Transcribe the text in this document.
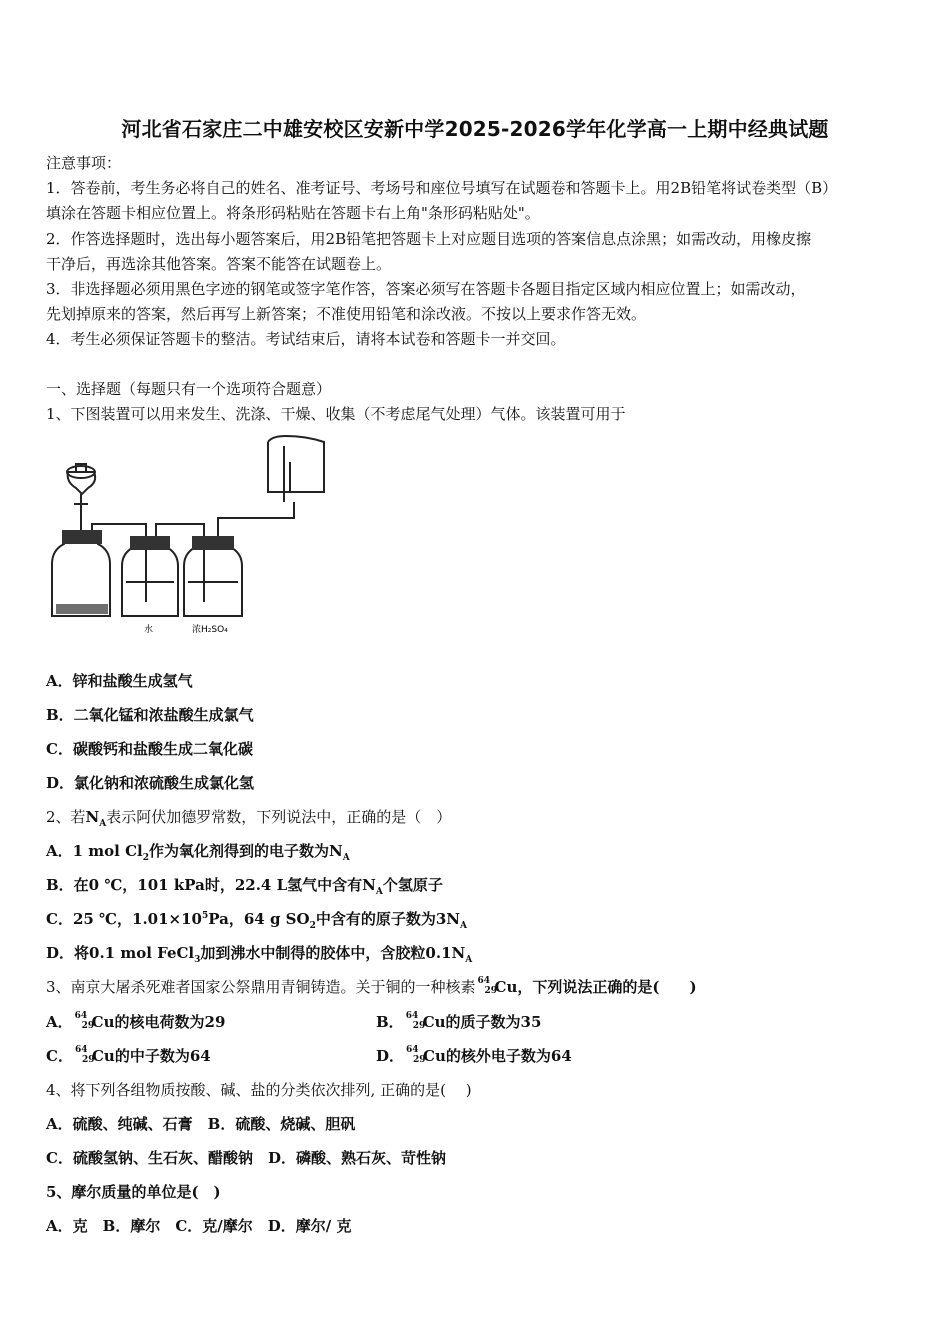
河北省石家庄二中雄安校区安新中学2025-2026学年化学高一上期中经典试题
注意事项：
1．答卷前，考生务必将自己的姓名、准考证号、考场号和座位号填写在试题卷和答题卡上。用2B铅笔将试卷类型（B）
填涂在答题卡相应位置上。将条形码粘贴在答题卡右上角"条形码粘贴处"。
2．作答选择题时，选出每小题答案后，用2B铅笔把答题卡上对应题目选项的答案信息点涂黑；如需改动，用橡皮擦
干净后，再选涂其他答案。答案不能答在试题卷上。
3．非选择题必须用黑色字迹的钢笔或签字笔作答，答案必须写在答题卡各题目指定区域内相应位置上；如需改动，
先划掉原来的答案，然后再写上新答案；不准使用铅笔和涂改液。不按以上要求作答无效。
4．考生必须保证答题卡的整洁。考试结束后，请将本试卷和答题卡一并交回。
一、选择题（每题只有一个选项符合题意）
1、下图装置可以用来发生、洗涤、干燥、收集（不考虑尾气处理）气体。该装置可用于
水	浓H₂SO₄
A．锌和盐酸生成氢气
B．二氧化锰和浓盐酸生成氯气
C．碳酸钙和盐酸生成二氧化碳
D．氯化钠和浓硫酸生成氯化氢
2、若$N_A$表示阿伏加德罗常数，下列说法中，正确的是（　）
A．1 mol $Cl_2$作为氧化剂得到的电子数为$N_A$
B．在0 ℃，101 kPa时，22.4 L氢气中含有$N_A$个氢原子
C．25 ℃，$1.01\times 10^5Pa$，64 g $SO_2$中含有的原子数为$3N_A$
D．将0.1 mol FeCl$_3$加到沸水中制得的胶体中，含胶粒$0.1N_A$
3、南京大屠杀死难者国家公祭鼎用青铜铸造。关于铜的一种核素 64
29
Cu，下列说法正确的是(　　)
A． 64
29
Cu的核电荷数为29	B． 64
29
Cu的质子数为35
C． 64
29
Cu的中子数为64	D． 64
29
Cu的核外电子数为64
4、将下列各组物质按酸、碱、盐的分类依次排列, 正确的是(　 )
A．硫酸、纯碱、石膏　B．硫酸、烧碱、胆矾
C．硫酸氢钠、生石灰、醋酸钠　D．磷酸、熟石灰、苛性钠
5、摩尔质量的单位是(　)
A．克　B．摩尔　C．克/摩尔　D．摩尔/ 克
